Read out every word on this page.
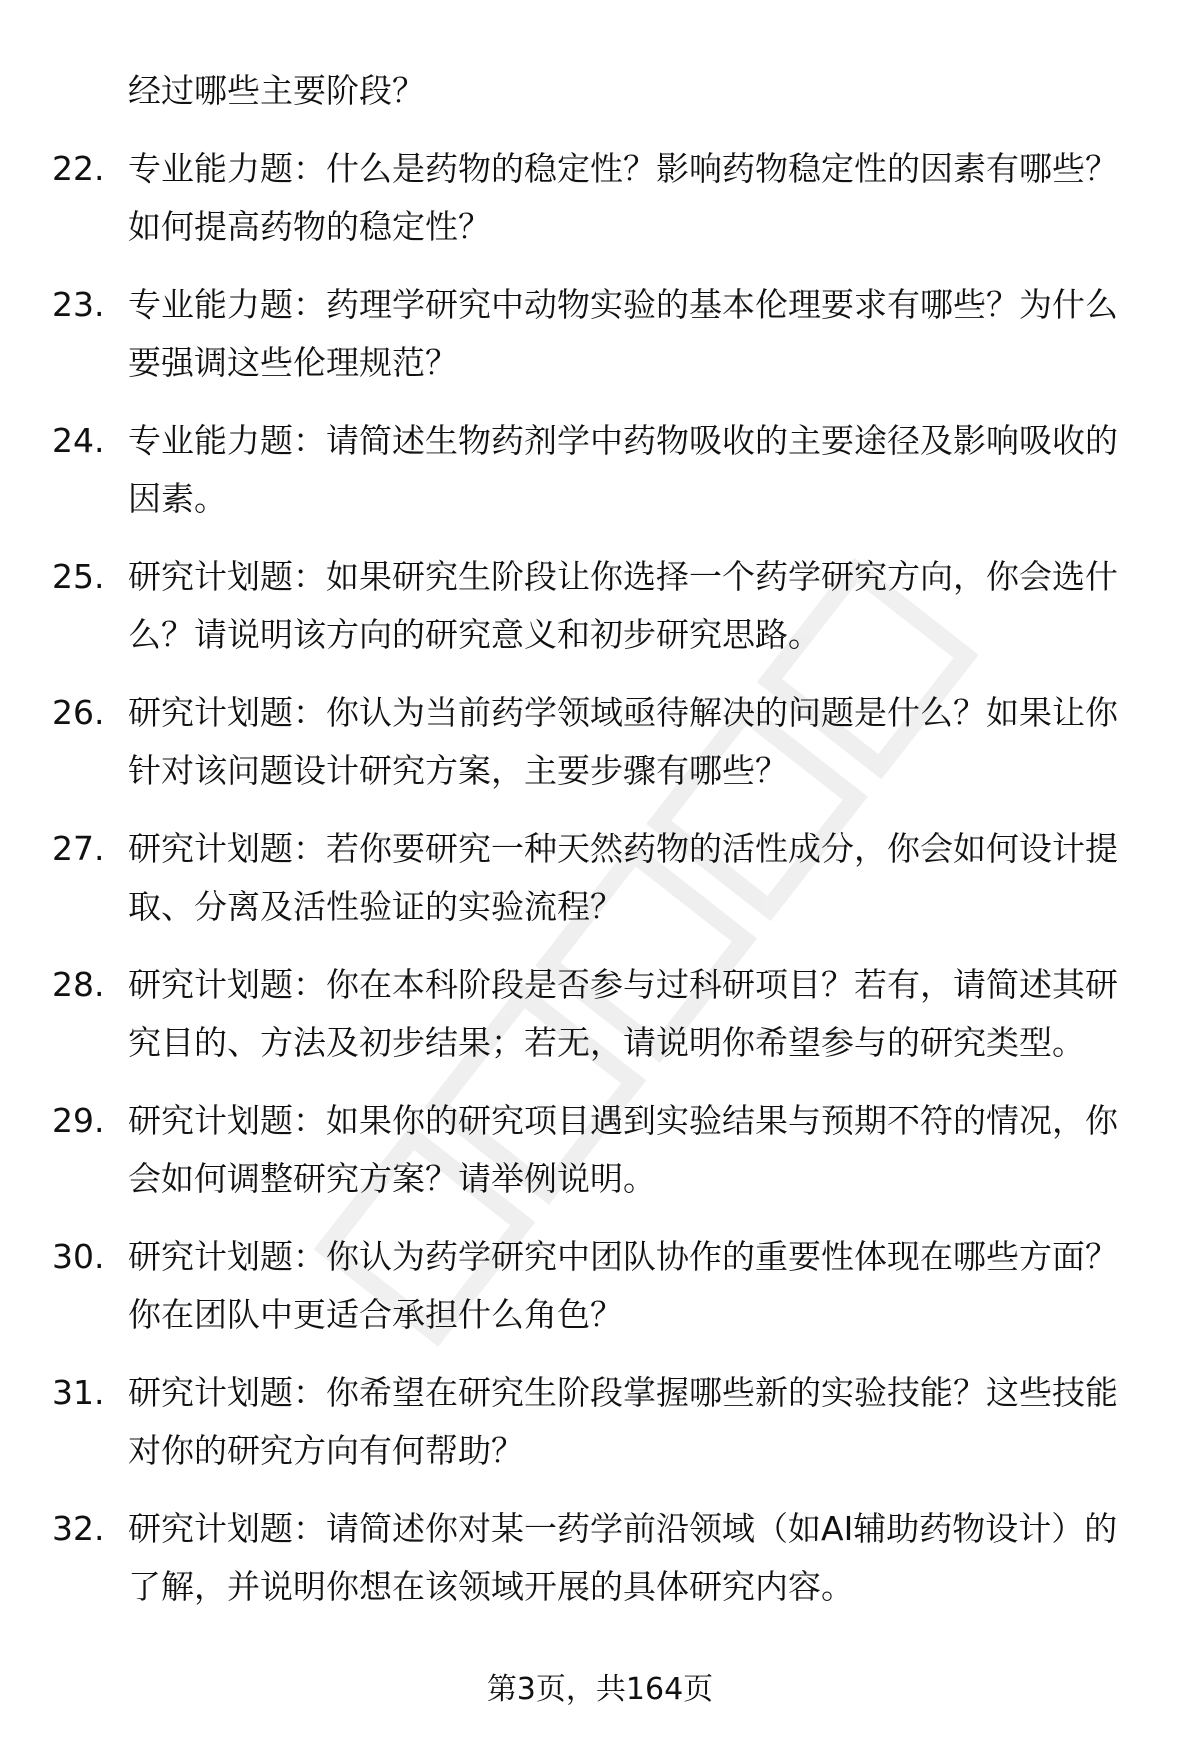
经过哪些主要阶段？
22. 专业能力题：什么是药物的稳定性？影响药物稳定性的因素有哪些？如何提高药物的稳定性？
23. 专业能力题：药理学研究中动物实验的基本伦理要求有哪些？为什么要强调这些伦理规范？
24. 专业能力题：请简述生物药剂学中药物吸收的主要途径及影响吸收的因素。
25. 研究计划题：如果研究生阶段让你选择一个药学研究方向，你会选什么？请说明该方向的研究意义和初步研究思路。
26. 研究计划题：你认为当前药学领域亟待解决的问题是什么？如果让你针对该问题设计研究方案，主要步骤有哪些？
27. 研究计划题：若你要研究一种天然药物的活性成分，你会如何设计提取、分离及活性验证的实验流程？
28. 研究计划题：你在本科阶段是否参与过科研项目？若有，请简述其研究目的、方法及初步结果；若无，请说明你希望参与的研究类型。
29. 研究计划题：如果你的研究项目遇到实验结果与预期不符的情况，你会如何调整研究方案？请举例说明。
30. 研究计划题：你认为药学研究中团队协作的重要性体现在哪些方面？你在团队中更适合承担什么角色？
31. 研究计划题：你希望在研究生阶段掌握哪些新的实验技能？这些技能对你的研究方向有何帮助？
32. 研究计划题：请简述你对某一药学前沿领域（如AI辅助药物设计）的了解，并说明你想在该领域开展的具体研究内容。
第3页，共164页
